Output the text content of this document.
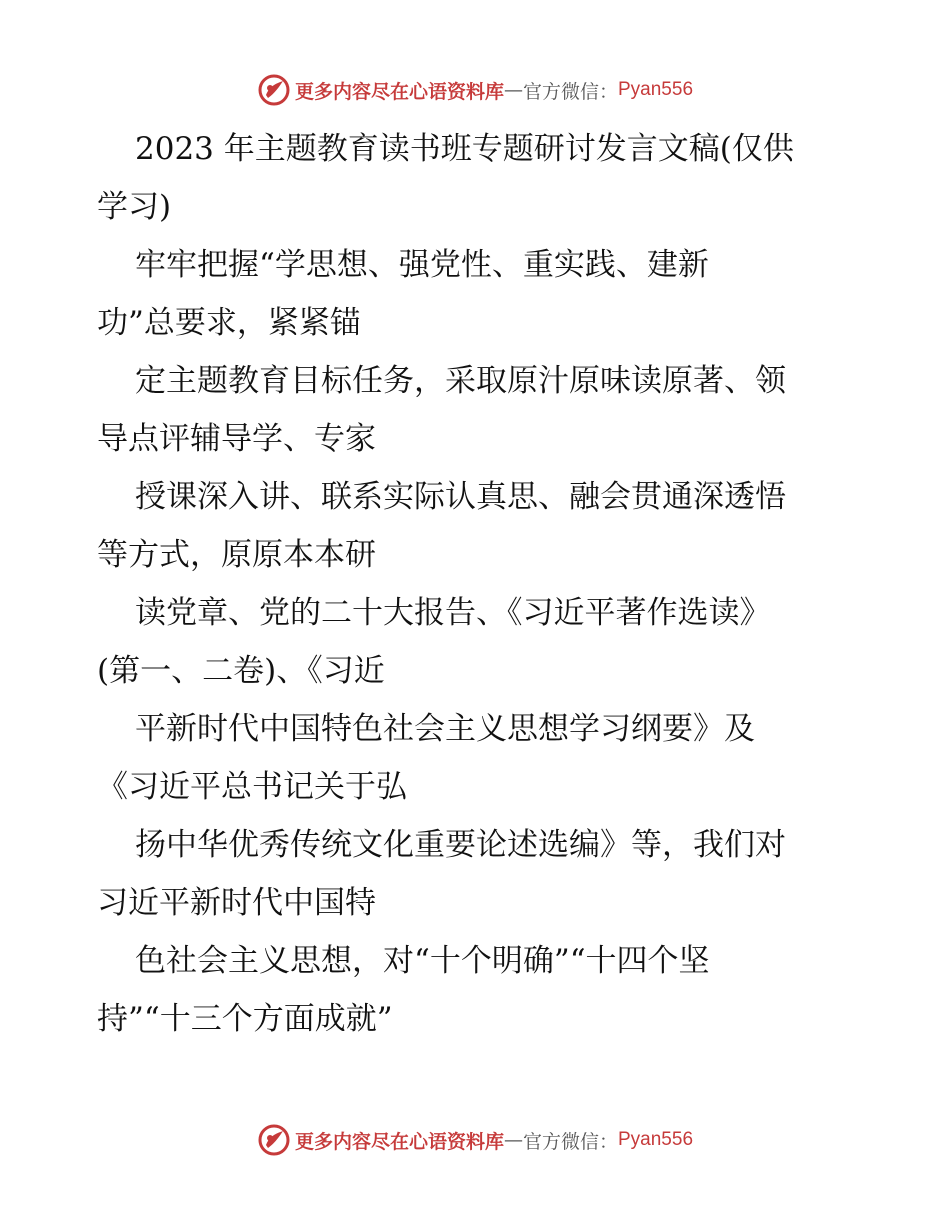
更多内容尽在心语资料库 — 官方微信： Pyan556
2023 年主题教育读书班专题研讨发言文稿(仅供
学习)
牢牢把握“学思想、强党性、重实践、建新
功”总要求，紧紧锚
定主题教育目标任务，采取原汁原味读原著、领
导点评辅导学、专家
授课深入讲、联系实际认真思、融会贯通深透悟
等方式，原原本本研
读党章、党的二十大报告、《习近平著作选读》
(第一、二卷)、《习近
平新时代中国特色社会主义思想学习纲要》及
《习近平总书记关于弘
扬中华优秀传统文化重要论述选编》等，我们对
习近平新时代中国特
色社会主义思想，对“十个明确”“十四个坚
持”“十三个方面成就”
更多内容尽在心语资料库 — 官方微信： Pyan556
